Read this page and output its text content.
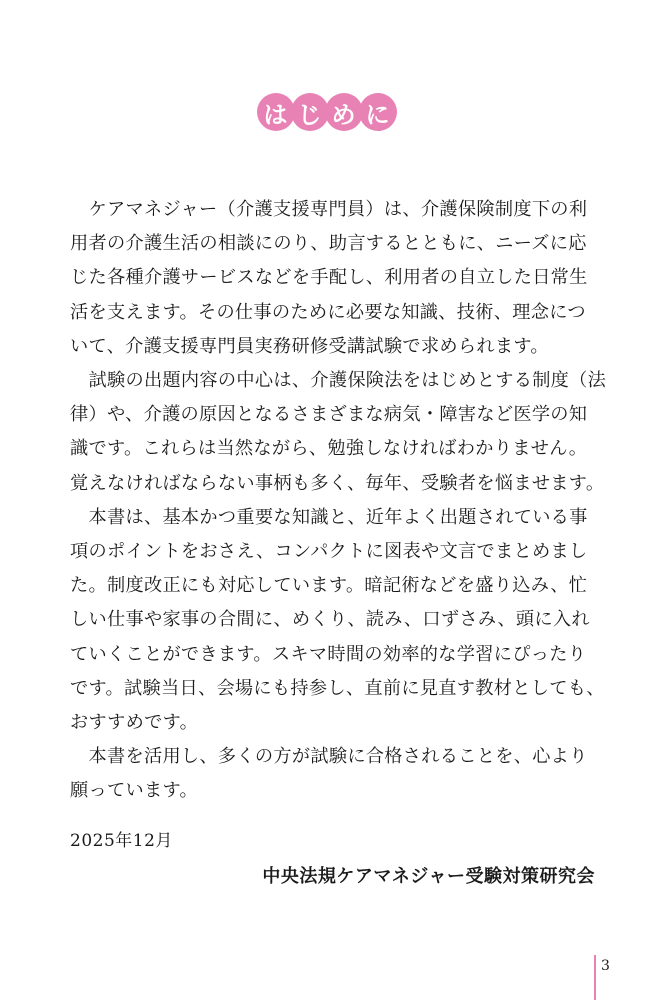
は じ め に
　ケアマネジャー（介護支援専門員）は、介護保険制度下の利
用者の介護生活の相談にのり、助言するとともに、ニーズに応
じた各種介護サービスなどを手配し、利用者の自立した日常生
活を支えます。その仕事のために必要な知識、技術、理念につ
いて、介護支援専門員実務研修受講試験で求められます。
　試験の出題内容の中心は、介護保険法をはじめとする制度（法
律）や、介護の原因となるさまざまな病気・障害など医学の知
識です。これらは当然ながら、勉強しなければわかりません。
覚えなければならない事柄も多く、毎年、受験者を悩ませます。
　本書は、基本かつ重要な知識と、近年よく出題されている事
項のポイントをおさえ、コンパクトに図表や文言でまとめまし
た。制度改正にも対応しています。暗記術などを盛り込み、忙
しい仕事や家事の合間に、めくり、読み、口ずさみ、頭に入れ
ていくことができます。スキマ時間の効率的な学習にぴったり
です。試験当日、会場にも持参し、直前に見直す教材としても、
おすすめです。
　本書を活用し、多くの方が試験に合格されることを、心より
願っています。
2025年12月
中央法規ケアマネジャー受験対策研究会
3
